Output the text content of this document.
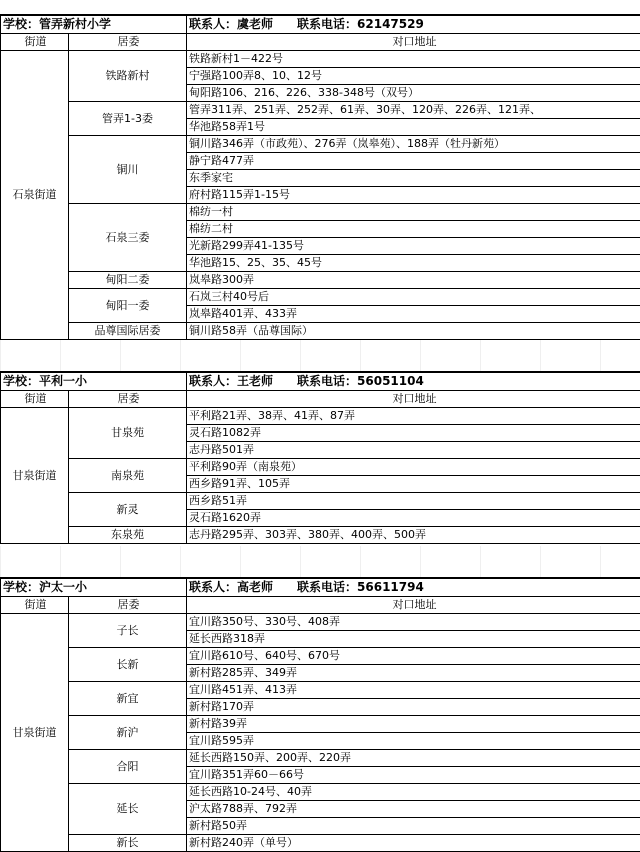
学校：管弄新村小学		联系人：虞老师　　联系电话：62147529
街道	居委	对口地址
石泉街道	铁路新村	铁路新村1－422号
		宁强路100弄8、10、12号
		甸阳路106、216、226、338-348号（双号）
	管弄1-3委	管弄311弄、251弄、252弄、61弄、30弄、120弄、226弄、121弄、
		华池路58弄1号
	铜川	铜川路346弄（市政苑）、276弄（岚皋苑）、188弄（牡丹新苑）
		静宁路477弄
		东季家宅
		府村路115弄1-15号
	石泉三委	棉纺一村
		棉纺二村
		光新路299弄41-135号
		华池路15、25、35、45号
	甸阳二委	岚皋路300弄
	甸阳一委	石岚三村40号后
		岚皋路401弄、433弄
	品尊国际居委	铜川路58弄（品尊国际）
学校：平利一小		联系人：王老师　　联系电话：56051104
街道	居委	对口地址
甘泉街道	甘泉苑	平利路21弄、38弄、41弄、87弄
		灵石路1082弄
		志丹路501弄
	南泉苑	平利路90弄（南泉苑）
		西乡路91弄、105弄
	新灵	西乡路51弄
		灵石路1620弄
	东泉苑	志丹路295弄、303弄、380弄、400弄、500弄
学校：沪太一小		联系人：高老师　　联系电话：56611794
街道	居委	对口地址
甘泉街道	子长	宜川路350号、330号、408弄
		延长西路318弄
	长新	宜川路610号、640号、670号
		新村路285弄、349弄
	新宜	宜川路451弄、413弄
		新村路170弄
	新沪	新村路39弄
		宜川路595弄
	合阳	延长西路150弄、200弄、220弄
		宜川路351弄60－66号
	延长	延长西路10-24号、40弄
		沪太路788弄、792弄
		新村路50弄
	新长	新村路240弄（单号）
